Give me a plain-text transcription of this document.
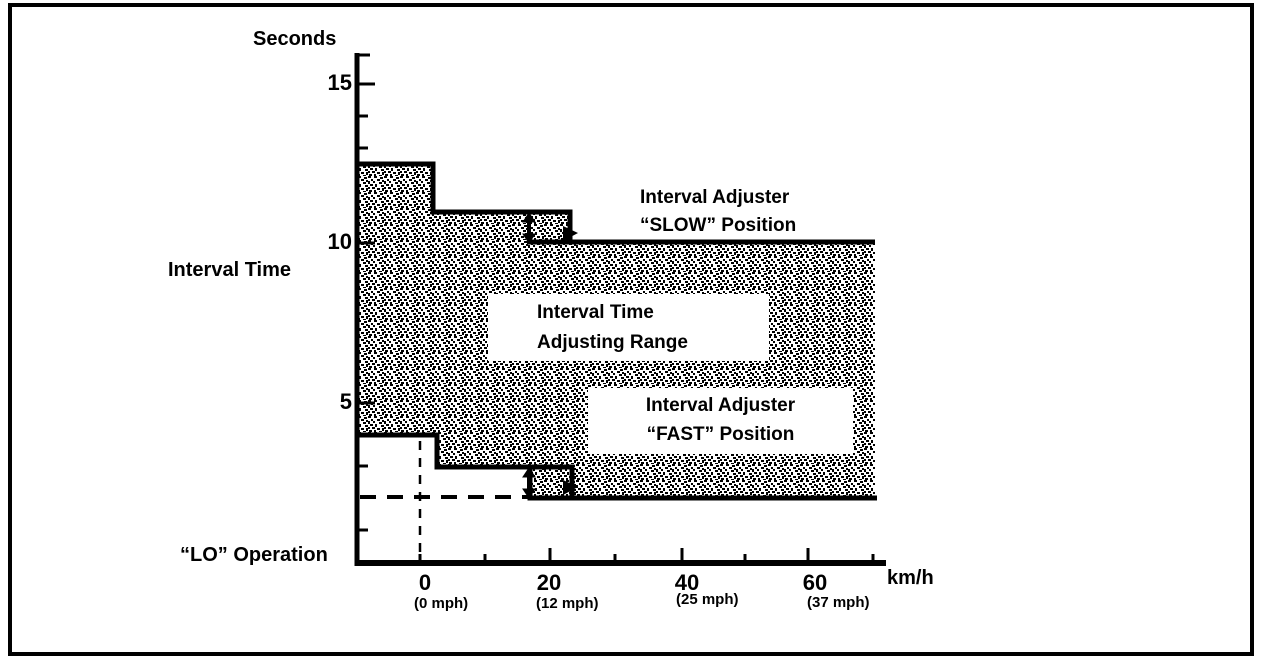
Seconds
Interval Time
“LO” Operation
km/h
15
10
5
0	20	40	60
(0 mph)	(12 mph)	(25 mph)	(37 mph)
Interval Adjuster
“SLOW” Position
Interval Time
Adjusting Range
Interval Adjuster
“FAST” Position
